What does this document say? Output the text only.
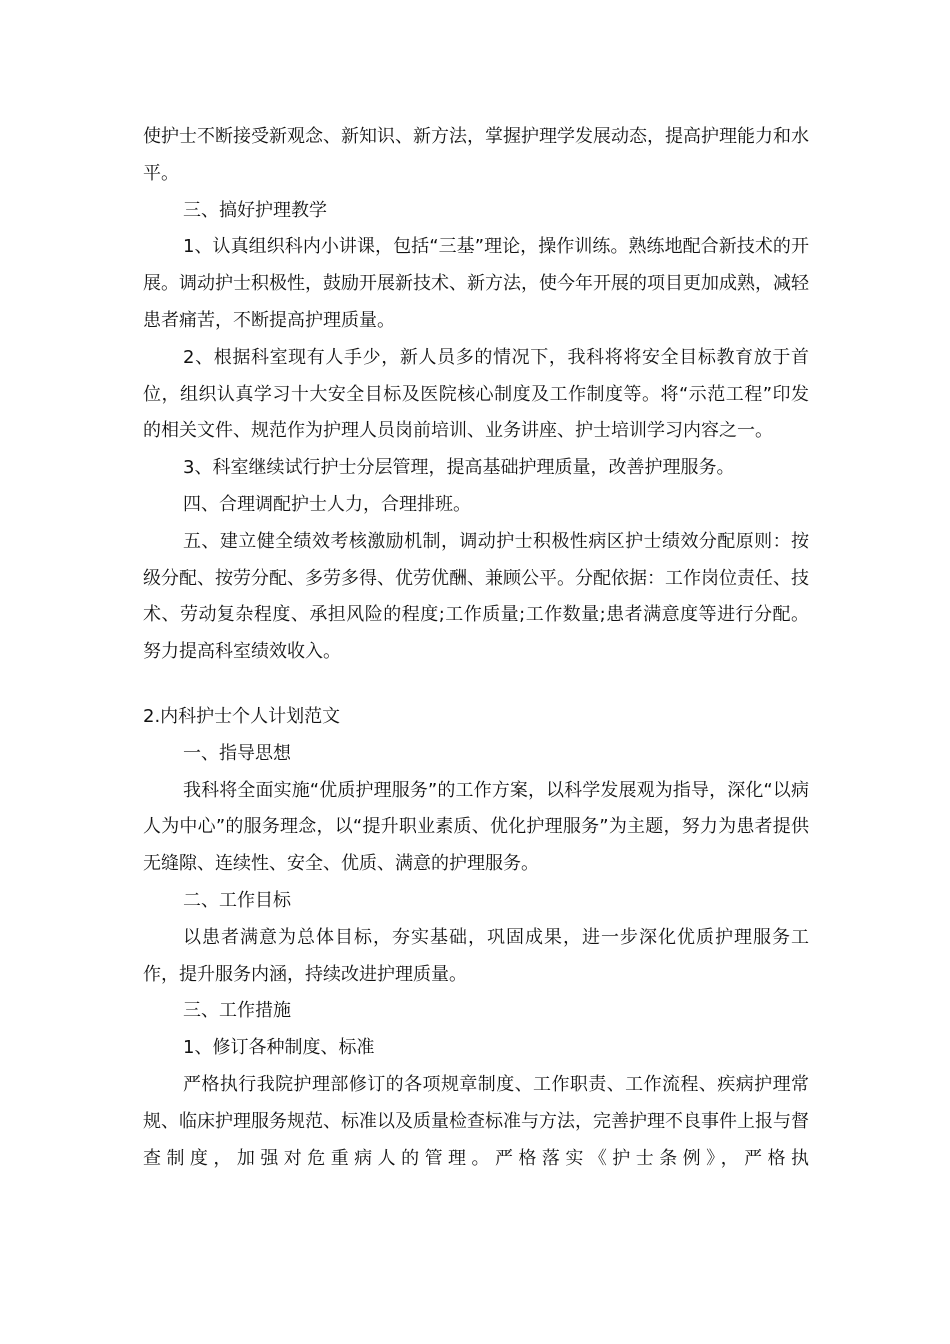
使护士不断接受新观念、新知识、新方法，掌握护理学发展动态，提高护理能力和水平。

三、搞好护理教学

1、认真组织科内小讲课，包括“三基”理论，操作训练。熟练地配合新技术的开展。调动护士积极性，鼓励开展新技术、新方法，使今年开展的项目更加成熟，减轻患者痛苦，不断提高护理质量。

2、根据科室现有人手少，新人员多的情况下，我科将将安全目标教育放于首位，组织认真学习十大安全目标及医院核心制度及工作制度等。将“示范工程”印发的相关文件、规范作为护理人员岗前培训、业务讲座、护士培训学习内容之一。

3、科室继续试行护士分层管理，提高基础护理质量，改善护理服务。

四、合理调配护士人力，合理排班。

五、建立健全绩效考核激励机制，调动护士积极性病区护士绩效分配原则：按级分配、按劳分配、多劳多得、优劳优酬、兼顾公平。分配依据：工作岗位责任、技术、劳动复杂程度、承担风险的程度;工作质量;工作数量;患者满意度等进行分配。努力提高科室绩效收入。

2.内科护士个人计划范文

一、指导思想

我科将全面实施“优质护理服务”的工作方案，以科学发展观为指导，深化“以病人为中心”的服务理念，以“提升职业素质、优化护理服务”为主题，努力为患者提供无缝隙、连续性、安全、优质、满意的护理服务。

二、工作目标

以患者满意为总体目标，夯实基础，巩固成果，进一步深化优质护理服务工作，提升服务内涵，持续改进护理质量。

三、工作措施

1、修订各种制度、标准

严格执行我院护理部修订的各项规章制度、工作职责、工作流程、疾病护理常规、临床护理服务规范、标准以及质量检查标准与方法，完善护理不良事件上报与督查制度，加强对危重病人的管理。严格落实《护士条例》，严格执
